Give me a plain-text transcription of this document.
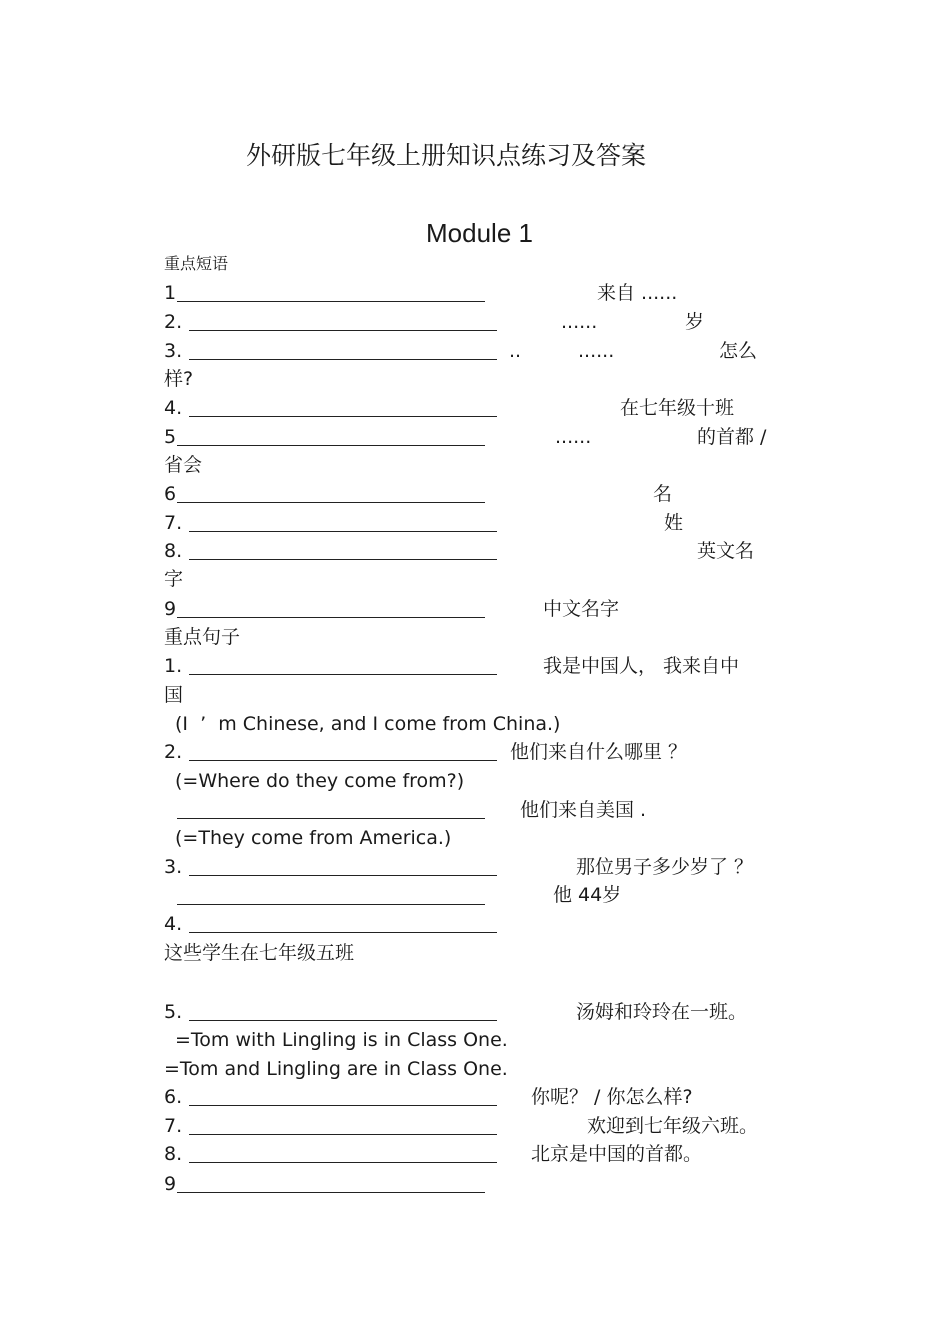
外研版七年级上册知识点练习及答案
Module 1
重点短语
1	来自 ......
2.	......	岁
3.	..	......	怎么
样?
4.	在七年级十班
5	......	的首都 /
省会
6	名
7.	姓
8.	英文名
字
9	中文名字
重点句子
1.	我是中国人， 我来自中
国
(I  ’  m Chinese, and I come from China.)
2.	他们来自什么哪里 ？
(=Where do they come from?)
他们来自美国 .
(=They come from America.)
3.	那位男子多少岁了 ？
他 44岁
4.
这些学生在七年级五班
5.	汤姆和玲玲在一班。
=Tom with Lingling is in Class One.
=Tom and Lingling are in Class One.
6.	你呢？ / 你怎么样?
7.	欢迎到七年级六班。
8.	北京是中国的首都。
9
